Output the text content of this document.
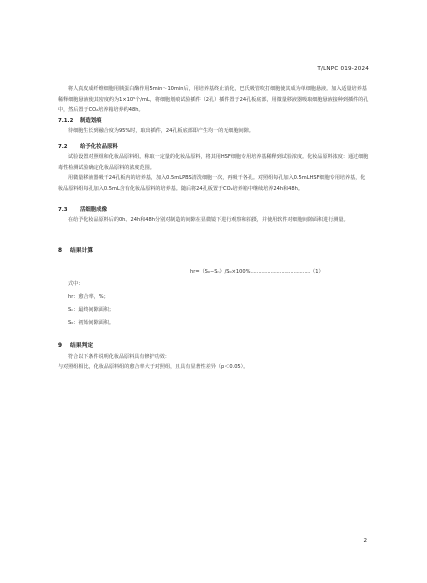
T/LNPC 019-2024

将人真皮成纤维细胞用胰蛋白酶作用5min～10min后，用培养基终止消化，巴氏吸管吹打细胞使其成为单细胞悬液。加入适量培养基稀释细胞悬液使其密度约为1×10⁵个/mL，将细胞划痕试验插件（2孔）插件置于24孔板底部，用微量移液器吸取细胞悬液接种到插件的孔中，然后置于CO₂培养箱培养约48h。

7.1.2 制造划痕

待细胞生长到融合度为95%时，取出插件，24孔板底部即产生均一的无细胞间隙。

7.2 给予化妆品原料

试验设置对照组和化妆品原料组。称取一定量的化妆品原料，将其用HSF细胞专用培养基稀释到试验浓度。化妆品原料浓度：通过细胞毒性检测试验确定化妆品原料的浓度范围。

用微量移液器吸干24孔板内的培养基，加入0.5mLPBS清洗细胞一次，再吸干各孔。对照组每孔加入0.5mLHSF细胞专用培养基，化妆品原料组每孔加入0.5mL含有化妆品原料的培养基。随后将24孔板置于CO₂培养箱中继续培养24h和48h。

7.3 活细胞成像

在给予化妆品原料后的0h、24h和48h分别对制造的间隙在显微镜下进行观察和拍摄，并使用软件对细胞间隙面积进行测量。

8 结果计算
hr=（S₀−Sₙ）/S₀×100%…………………………………（1）
式中：
hr：愈合率，%；
Sₙ：最终间隙面积；
S₀：初始间隙面积。
9 结果判定

符合以下条件说明化妆品原料具有修护功效：

与对照组相比，化妆品原料组的愈合率大于对照组，且具有显著性差异（p＜0.05）。

2
